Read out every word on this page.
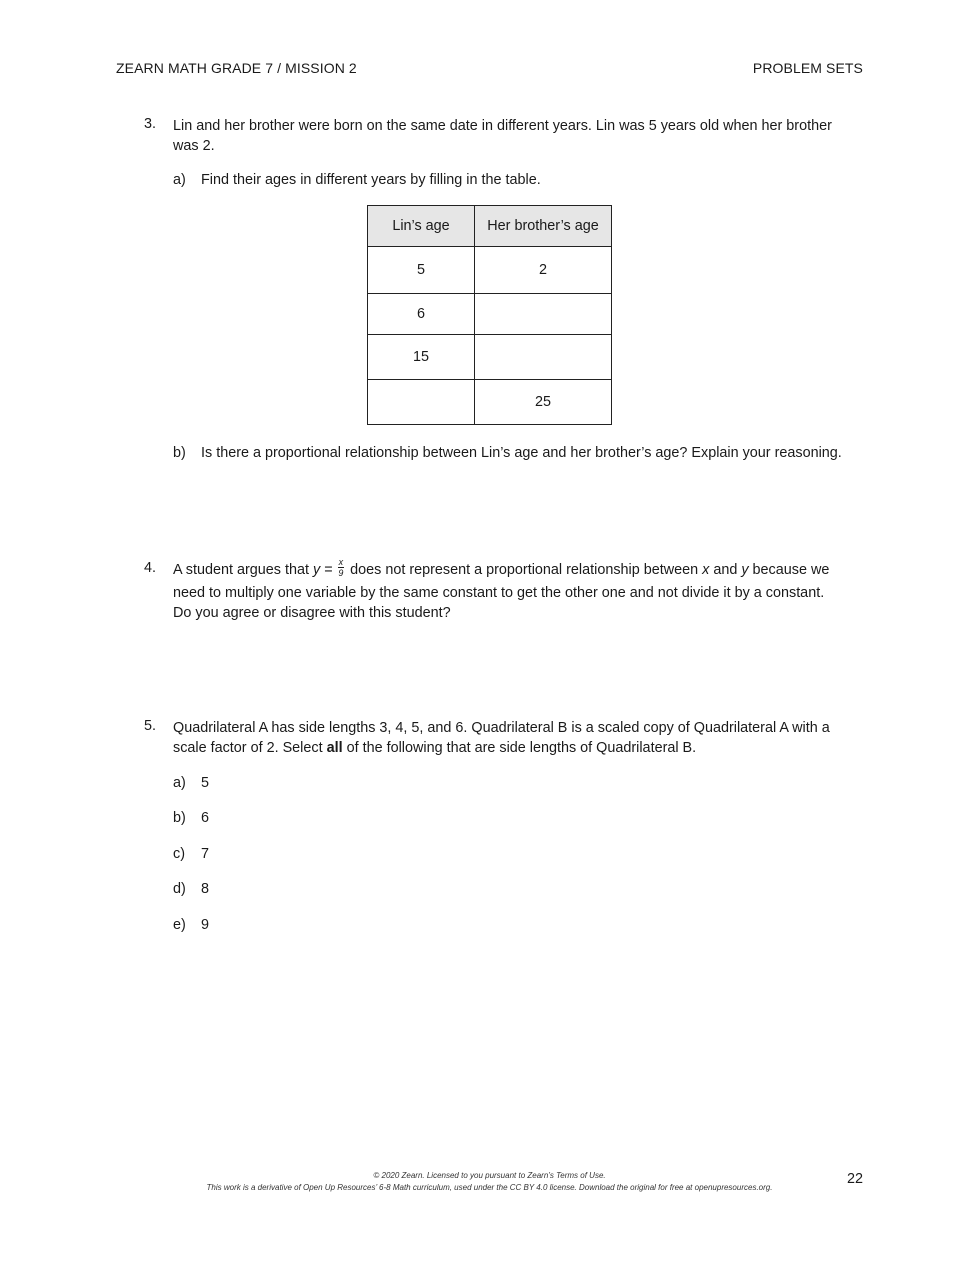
ZEARN MATH GRADE 7 / MISSION 2	PROBLEM SETS
3. Lin and her brother were born on the same date in different years. Lin was 5 years old when her brother
was 2.
a) Find their ages in different years by filling in the table.
Lin’s age	Her brother’s age
5	2
6	
15	
	25
b) Is there a proportional relationship between Lin’s age and her brother’s age? Explain your reasoning.
4. A student argues that $y = \frac{x}{9}$ does not represent a proportional relationship between x and y because we
need to multiply one variable by the same constant to get the other one and not divide it by a constant.
Do you agree or disagree with this student?
5. Quadrilateral A has side lengths 3, 4, 5, and 6. Quadrilateral B is a scaled copy of Quadrilateral A with a
scale factor of 2. Select all of the following that are side lengths of Quadrilateral B.
a) 5
b) 6
c) 7
d) 8
e) 9
© 2020 Zearn. Licensed to you pursuant to Zearn’s Terms of Use.
This work is a derivative of Open Up Resources’ 6-8 Math curriculum, used under the CC BY 4.0 license. Download the original for free at openupresources.org.
22
